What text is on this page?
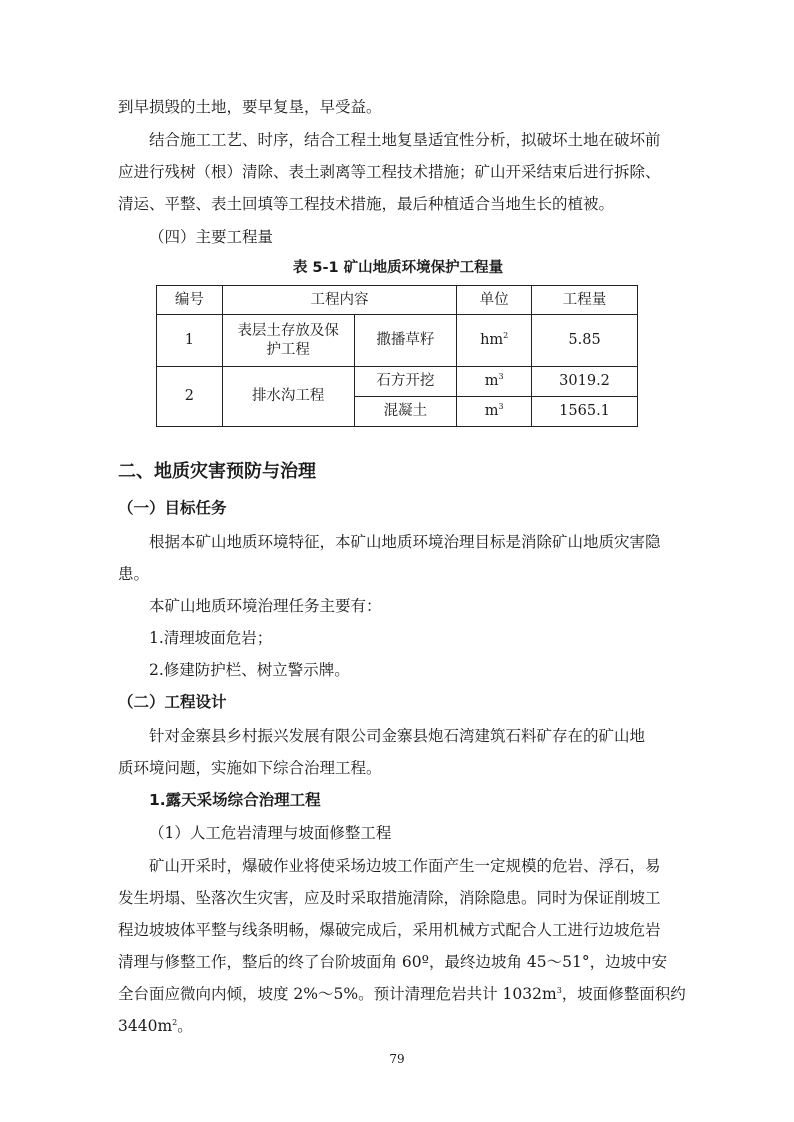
到早损毁的土地，要早复垦，早受益。
结合施工工艺、时序，结合工程土地复垦适宜性分析，拟破坏土地在破坏前
应进行残树（根）清除、表土剥离等工程技术措施；矿山开采结束后进行拆除、
清运、平整、表土回填等工程技术措施，最后种植适合当地生长的植被。
（四）主要工程量
表 5-1 矿山地质环境保护工程量
编号	工程内容		单位	工程量
1	表层土存放及保护工程	撒播草籽	$hm^2$	5.85
2	排水沟工程	石方开挖	$m^3$	3019.2
		混凝土	$m^3$	1565.1
二、地质灾害预防与治理
（一）目标任务
根据本矿山地质环境特征，本矿山地质环境治理目标是消除矿山地质灾害隐
患。
本矿山地质环境治理任务主要有：
1.清理坡面危岩；
2.修建防护栏、树立警示牌。
（二）工程设计
针对金寨县乡村振兴发展有限公司金寨县炮石湾建筑石料矿存在的矿山地
质环境问题，实施如下综合治理工程。
1.露天采场综合治理工程
（1）人工危岩清理与坡面修整工程
矿山开采时，爆破作业将使采场边坡工作面产生一定规模的危岩、浮石，易
发生坍塌、坠落次生灾害，应及时采取措施清除，消除隐患。同时为保证削坡工
程边坡坡体平整与线条明畅，爆破完成后，采用机械方式配合人工进行边坡危岩
清理与修整工作，整后的终了台阶坡面角 60º，最终边坡角 45～51°，边坡中安
全台面应微向内倾，坡度 2%～5%。预计清理危岩共计 $1032m^3$，坡面修整面积约
$3440m^2$。
79
